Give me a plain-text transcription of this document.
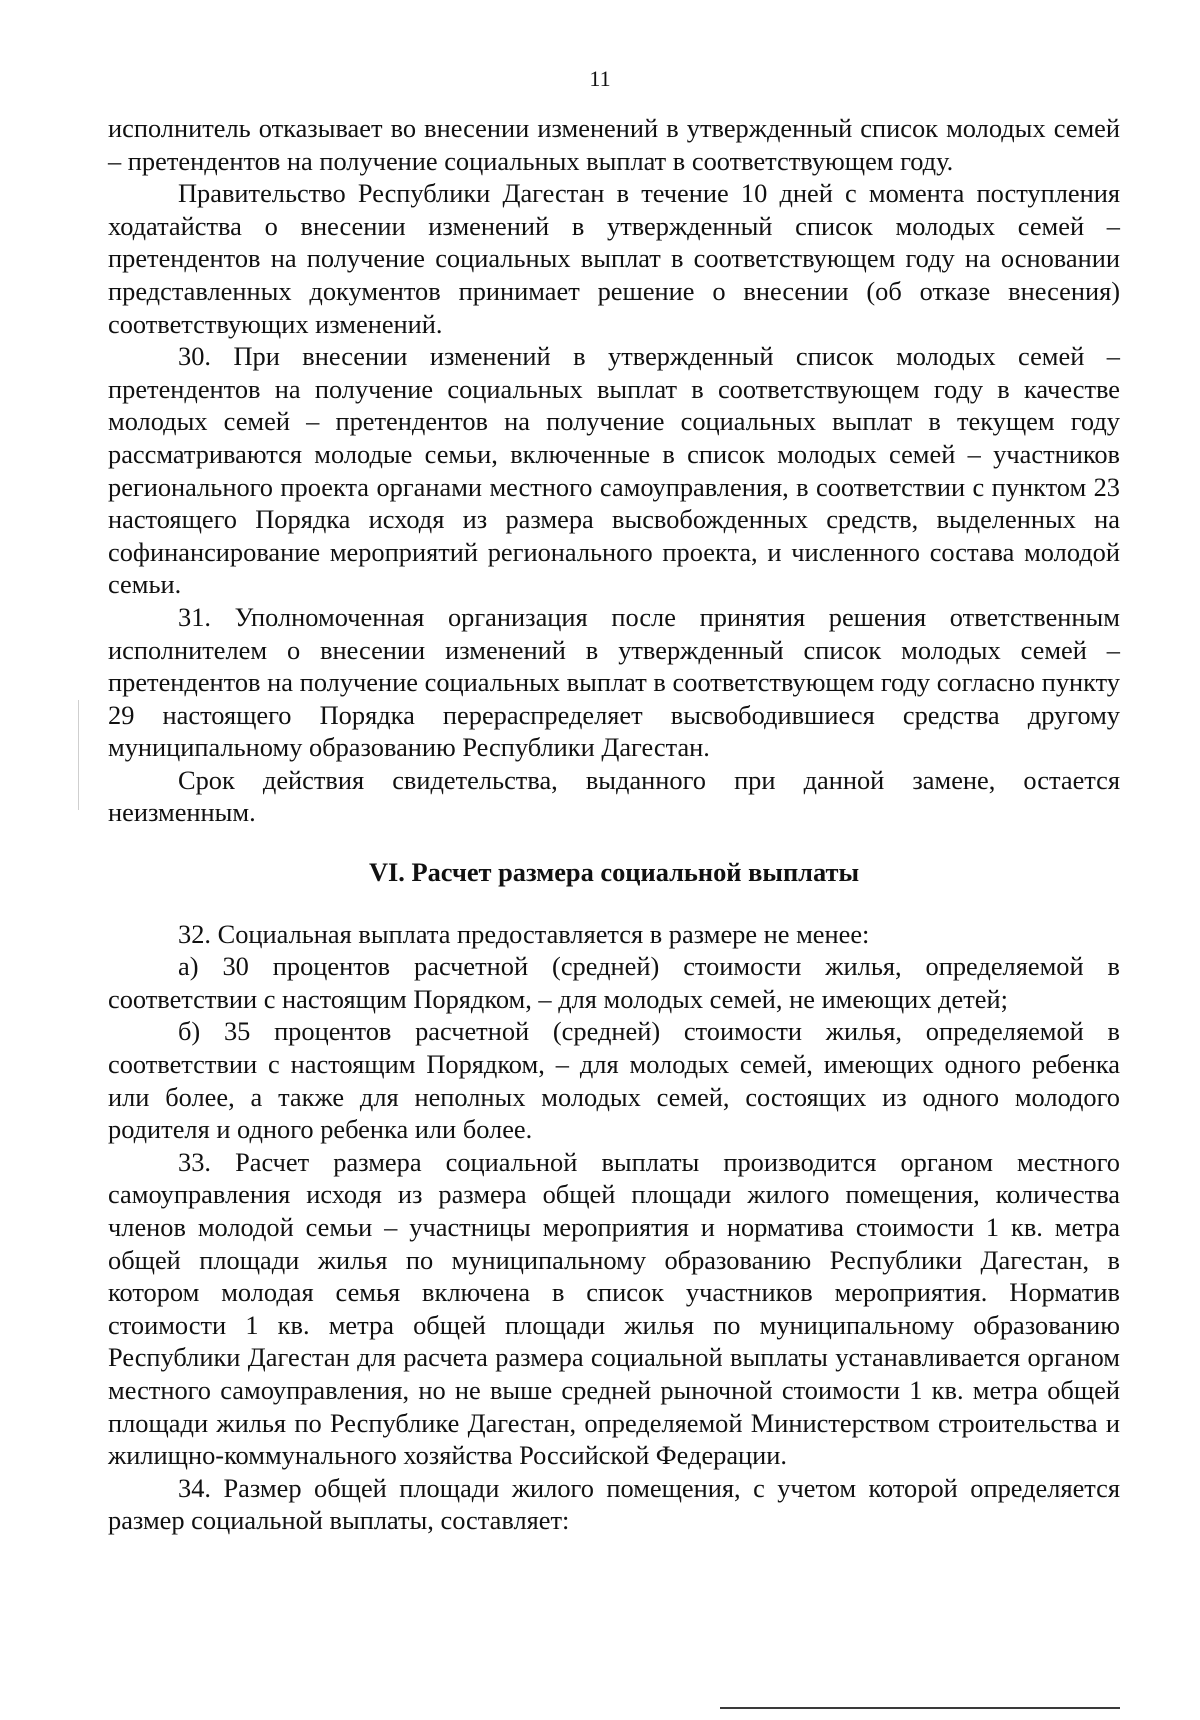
11

исполнитель отказывает во внесении изменений в утвержденный список молодых семей – претендентов на получение социальных выплат в соответствующем году.

Правительство Республики Дагестан в течение 10 дней с момента поступления ходатайства о внесении изменений в утвержденный список молодых семей – претендентов на получение социальных выплат в соответствующем году на основании представленных документов принимает решение о внесении (об отказе внесения) соответствующих изменений.

30. При внесении изменений в утвержденный список молодых семей – претендентов на получение социальных выплат в соответствующем году в качестве молодых семей – претендентов на получение социальных выплат в текущем году рассматриваются молодые семьи, включенные в список молодых семей – участников регионального проекта органами местного самоуправления, в соответствии с пунктом 23 настоящего Порядка исходя из размера высвобожденных средств, выделенных на софинансирование мероприятий регионального проекта, и численного состава молодой семьи.

31. Уполномоченная организация после принятия решения ответственным исполнителем о внесении изменений в утвержденный список молодых семей – претендентов на получение социальных выплат в соответствующем году согласно пункту 29 настоящего Порядка перераспределяет высвободившиеся средства другому муниципальному образованию Республики Дагестан.

Срок действия свидетельства, выданного при данной замене, остается неизменным.

VI. Расчет размера социальной выплаты

32. Социальная выплата предоставляется в размере не менее:

а) 30 процентов расчетной (средней) стоимости жилья, определяемой в соответствии с настоящим Порядком, – для молодых семей, не имеющих детей;

б) 35 процентов расчетной (средней) стоимости жилья, определяемой в соответствии с настоящим Порядком, – для молодых семей, имеющих одного ребенка или более, а также для неполных молодых семей, состоящих из одного молодого родителя и одного ребенка или более.

33. Расчет размера социальной выплаты производится органом местного самоуправления исходя из размера общей площади жилого помещения, количества членов молодой семьи – участницы мероприятия и норматива стоимости 1 кв. метра общей площади жилья по муниципальному образованию Республики Дагестан, в котором молодая семья включена в список участников мероприятия. Норматив стоимости 1 кв. метра общей площади жилья по муниципальному образованию Республики Дагестан для расчета размера социальной выплаты устанавливается органом местного самоуправления, но не выше средней рыночной стоимости 1 кв. метра общей площади жилья по Республике Дагестан, определяемой Министерством строительства и жилищно-коммунального хозяйства Российской Федерации.

34. Размер общей площади жилого помещения, с учетом которой определяется размер социальной выплаты, составляет:
